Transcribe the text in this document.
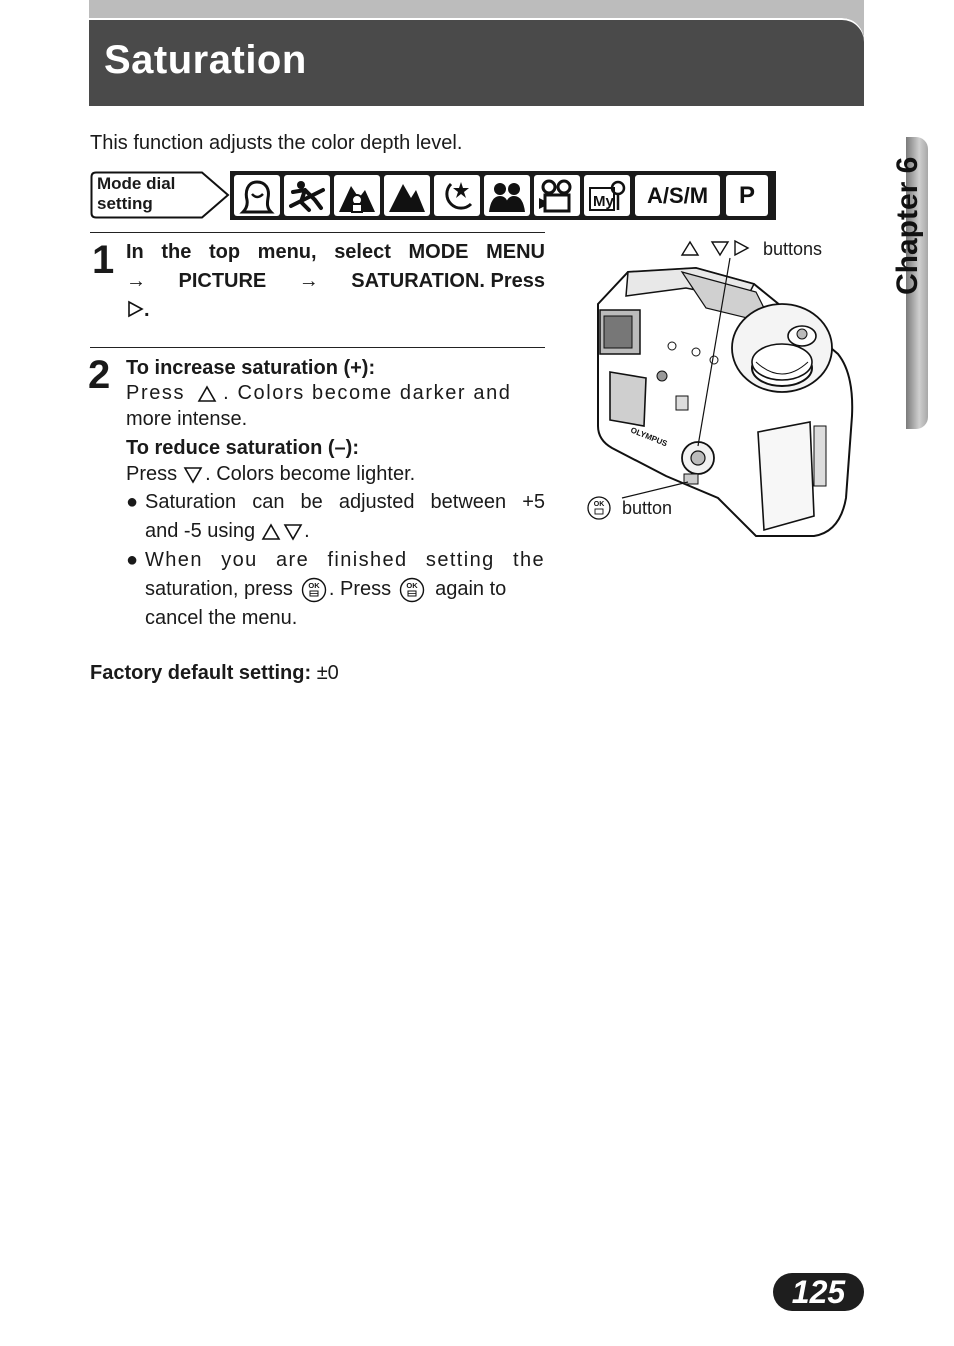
Saturation
This function adjusts the color depth level.
Mode dial
setting	My	A/S/M	P
1 In the top menu, select MODE MENU
→ PICTURE → SATURATION. Press
.
2 To increase saturation (+):
Press . Colors become darker and
more intense.
To reduce saturation (–):
Press . Colors become lighter.
● Saturation can be adjusted between +5
and -5 using .
● When you are finished setting the
saturation, press OK . Press OK again to
cancel the menu.
Factory default setting: ±0
OLYMPUS
OK
buttons
button
Chapter 6
125
